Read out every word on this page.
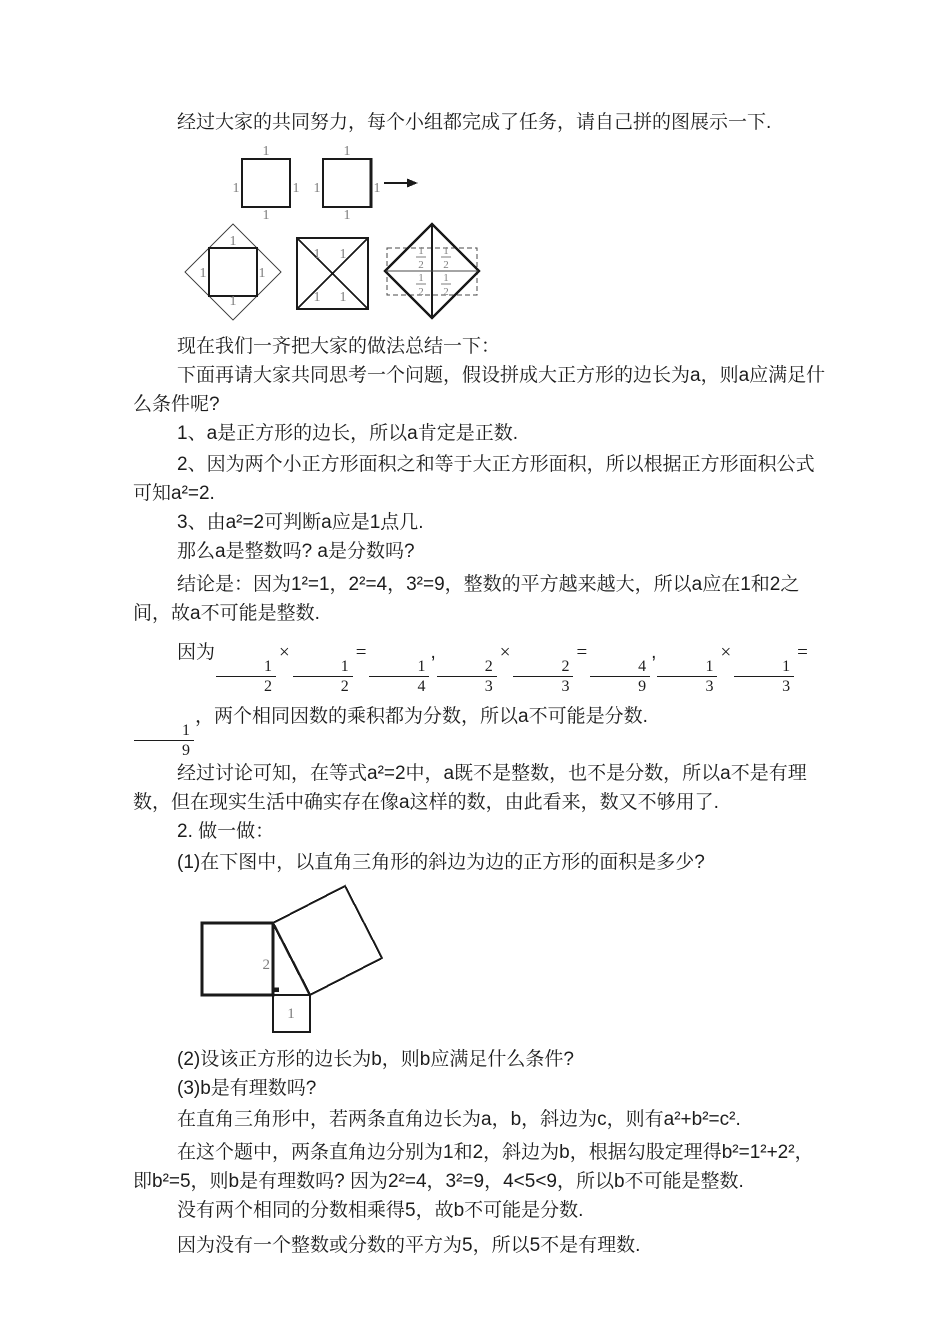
经过大家的共同努力，每个小组都完成了任务，请自己拼的图展示一下.

1
1	1
1
1
1	1
1
1
1	1
1
1 1
1 1
1
2
1
2
1
2
1
2

现在我们一齐把大家的做法总结一下：

下面再请大家共同思考一个问题，假设拼成大正方形的边长为a，则a应满足什么条件呢?

1、a是正方形的边长，所以a肯定是正数.

2、因为两个小正方形面积之和等于大正方形面积，所以根据正方形面积公式可知a²=2.

3、由a²=2可判断a应是1点几.

那么a是整数吗? a是分数吗?

结论是：因为1²=1，2²=4，3²=9，整数的平方越来越大，所以a应在1和2之间，故a不可能是整数.

因为
$\frac{1}{2}$
×
$\frac{1}{2}$
=
$\frac{1}{4}$
,
$\frac{2}{3}$
×
$\frac{2}{3}$
=
$\frac{4}{9}$
,
$\frac{1}{3}$
×
$\frac{1}{3}$
=
$\frac{1}{9}$
，两个相同因数的乘积都为分数，所以a不可能是分数.

经过讨论可知，在等式a²=2中，a既不是整数，也不是分数，所以a不是有理数，但在现实生活中确实存在像a这样的数，由此看来，数又不够用了.

2. 做一做：

(1)在下图中，以直角三角形的斜边为边的正方形的面积是多少?

2
1

(2)设该正方形的边长为b，则b应满足什么条件?

(3)b是有理数吗?

在直角三角形中，若两条直角边长为a，b，斜边为c，则有a²+b²=c².

在这个题中，两条直角边分别为1和2，斜边为b，根据勾股定理得b²=1²+2²，即b²=5，则b是有理数吗? 因为2²=4，3²=9，4<5<9，所以b不可能是整数.

没有两个相同的分数相乘得5，故b不可能是分数.

因为没有一个整数或分数的平方为5，所以5不是有理数.
